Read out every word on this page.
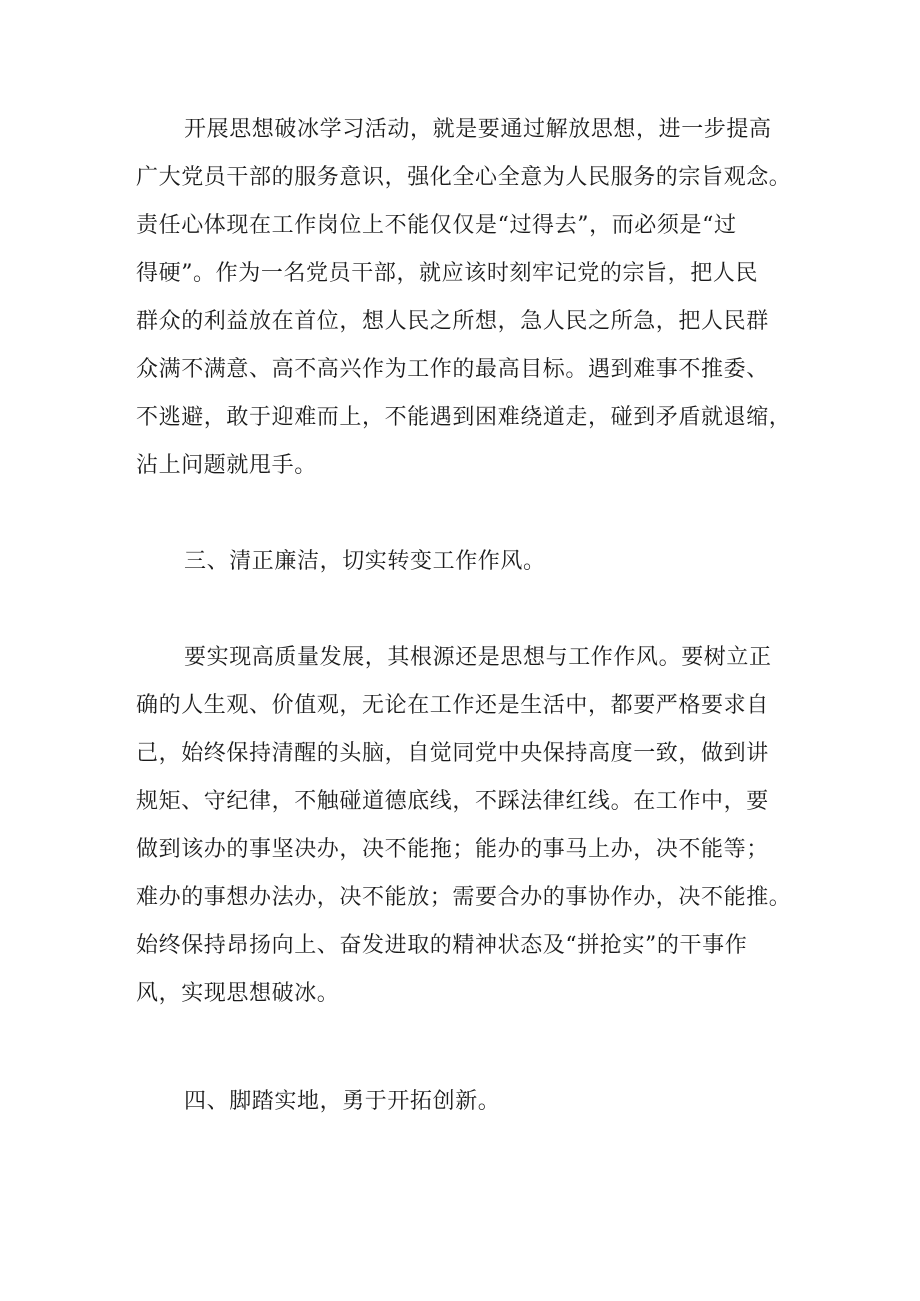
开展思想破冰学习活动，就是要通过解放思想，进一步提高
广大党员干部的服务意识，强化全心全意为人民服务的宗旨观念。
责任心体现在工作岗位上不能仅仅是“过得去”，而必须是“过
得硬”。作为一名党员干部，就应该时刻牢记党的宗旨，把人民
群众的利益放在首位，想人民之所想，急人民之所急，把人民群
众满不满意、高不高兴作为工作的最高目标。遇到难事不推委、
不逃避，敢于迎难而上，不能遇到困难绕道走，碰到矛盾就退缩，
沾上问题就甩手。
三、清正廉洁，切实转变工作作风。
要实现高质量发展，其根源还是思想与工作作风。要树立正
确的人生观、价值观，无论在工作还是生活中，都要严格要求自
己，始终保持清醒的头脑，自觉同党中央保持高度一致，做到讲
规矩、守纪律，不触碰道德底线，不踩法律红线。在工作中，要
做到该办的事坚决办，决不能拖；能办的事马上办，决不能等；
难办的事想办法办，决不能放；需要合办的事协作办，决不能推。
始终保持昂扬向上、奋发进取的精神状态及“拼抢实”的干事作
风，实现思想破冰。
四、脚踏实地，勇于开拓创新。
